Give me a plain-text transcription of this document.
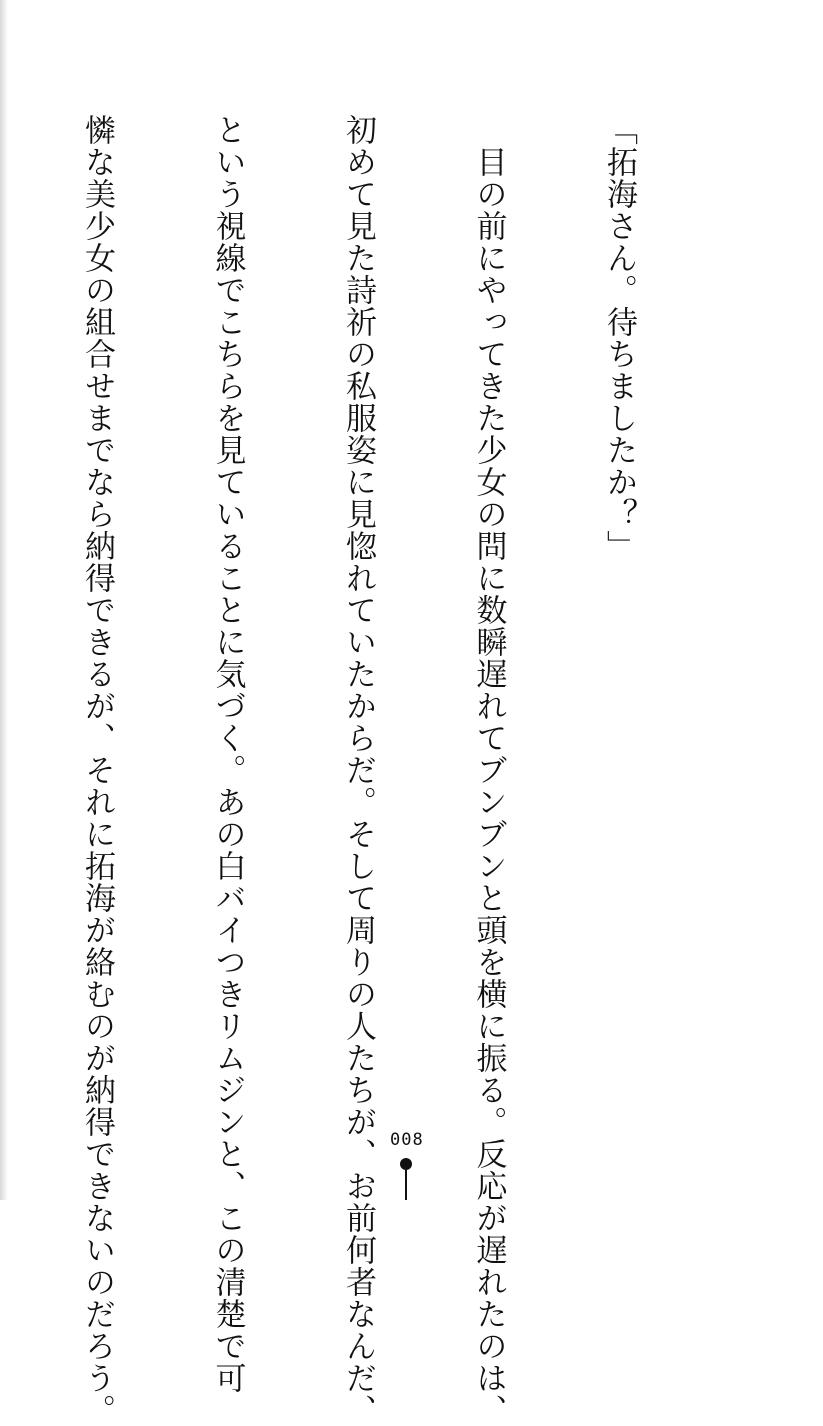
「拓海さん。待ちましたか？」

　目の前にやってきた少女の問に数瞬遅れてブンブンと頭を横に振る。反応が遅れたのは、

初めて見た詩祈の私服姿に見惚れていたからだ。そして周りの人たちが、お前何者なんだ、

という視線でこちらを見ていることに気づく。あの白バイつきリムジンと、この清楚で可

憐な美少女の組合せまでなら納得できるが、それに拓海が絡むのが納得できないのだろう。

	008
